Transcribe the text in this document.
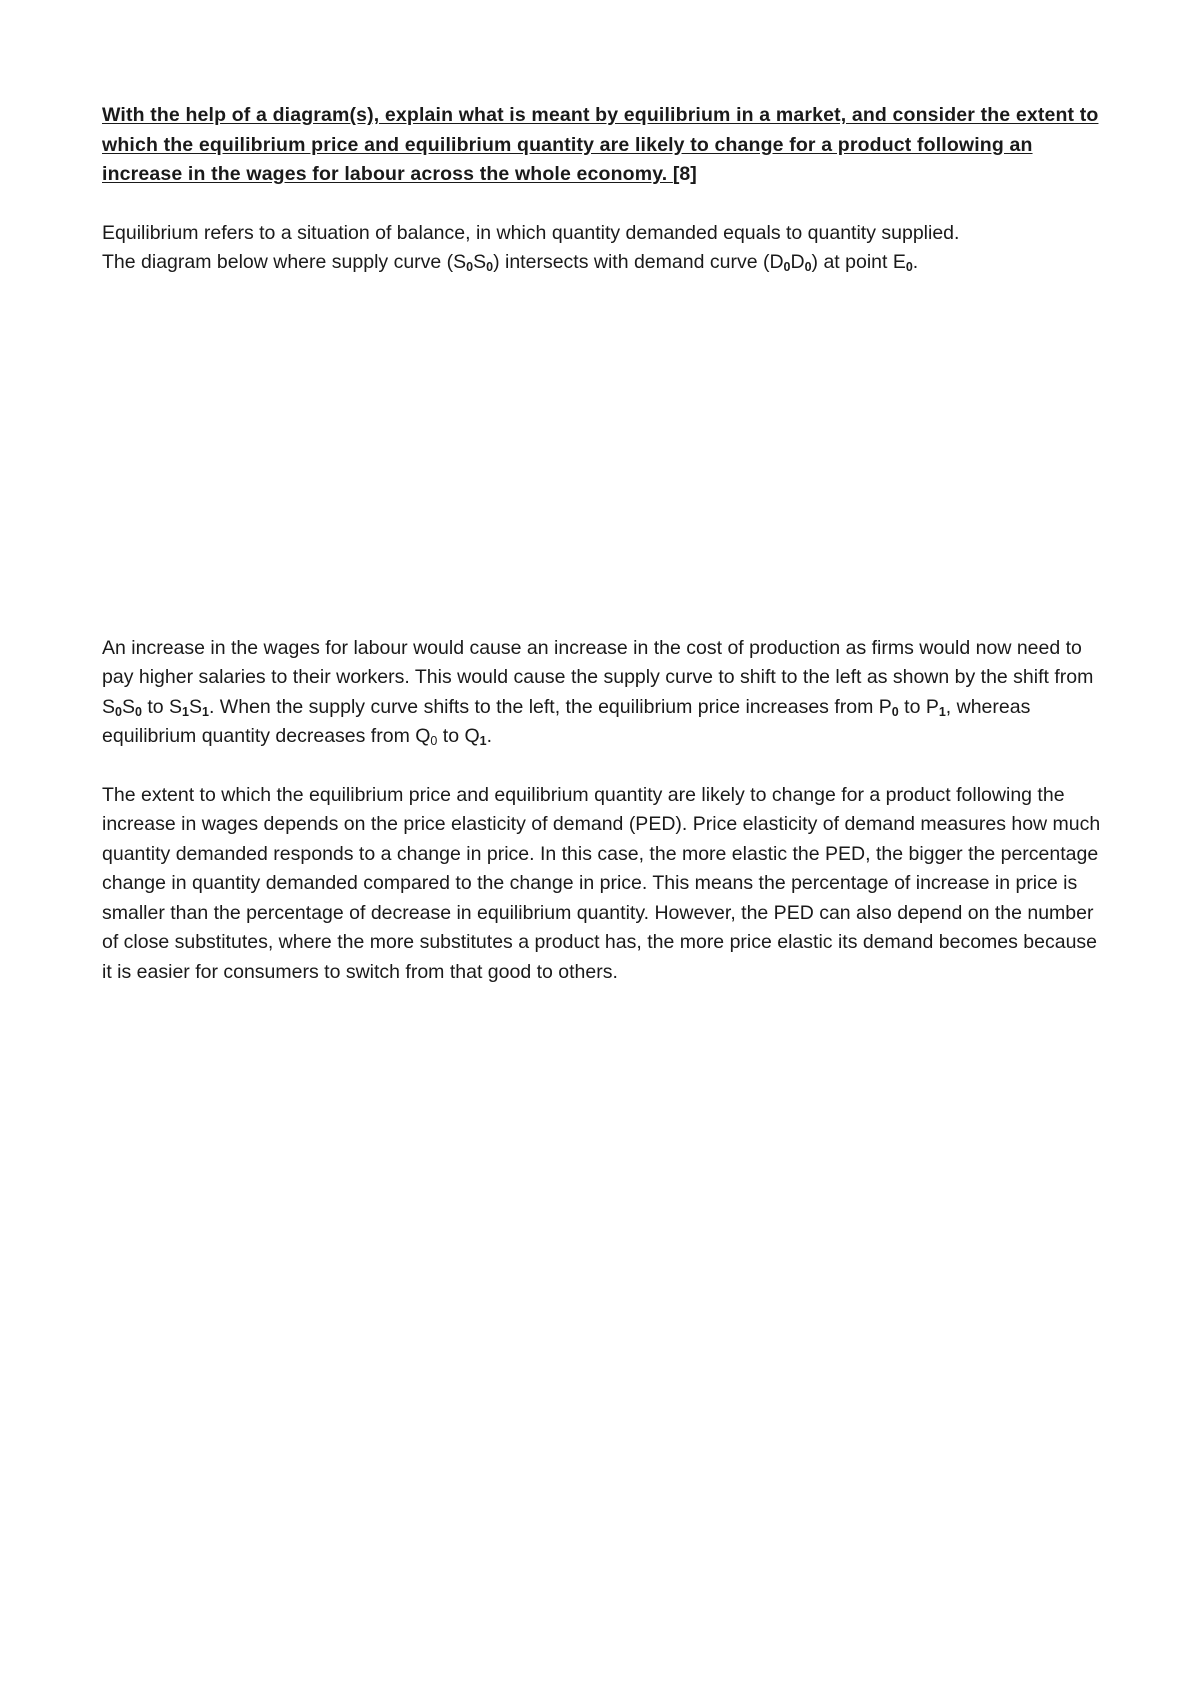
With the help of a diagram(s), explain what is meant by equilibrium in a market, and consider the extent to which the equilibrium price and equilibrium quantity are likely to change for a product following an increase in the wages for labour across the whole economy. [8]

Equilibrium refers to a situation of balance, in which quantity demanded equals to quantity supplied.
The diagram below where supply curve $(S_0S_0)$ intersects with demand curve $(D_0D_0)$ at point $E_0$.

An increase in the wages for labour would cause an increase in the cost of production as firms would now need to pay higher salaries to their workers. This would cause the supply curve to shift to the left as shown by the shift from $S_0S_0$ to $S_1S_1$. When the supply curve shifts to the left, the equilibrium price increases from $P_0$ to $P_1$, whereas equilibrium quantity decreases from $Q_0$ to $Q_1$.

The extent to which the equilibrium price and equilibrium quantity are likely to change for a product following the increase in wages depends on the price elasticity of demand (PED). Price elasticity of demand measures how much quantity demanded responds to a change in price. In this case, the more elastic the PED, the bigger the percentage change in quantity demanded compared to the change in price. This means the percentage of increase in price is smaller than the percentage of decrease in equilibrium quantity. However, the PED can also depend on the number of close substitutes, where the more substitutes a product has, the more price elastic its demand becomes because it is easier for consumers to switch from that good to others.
